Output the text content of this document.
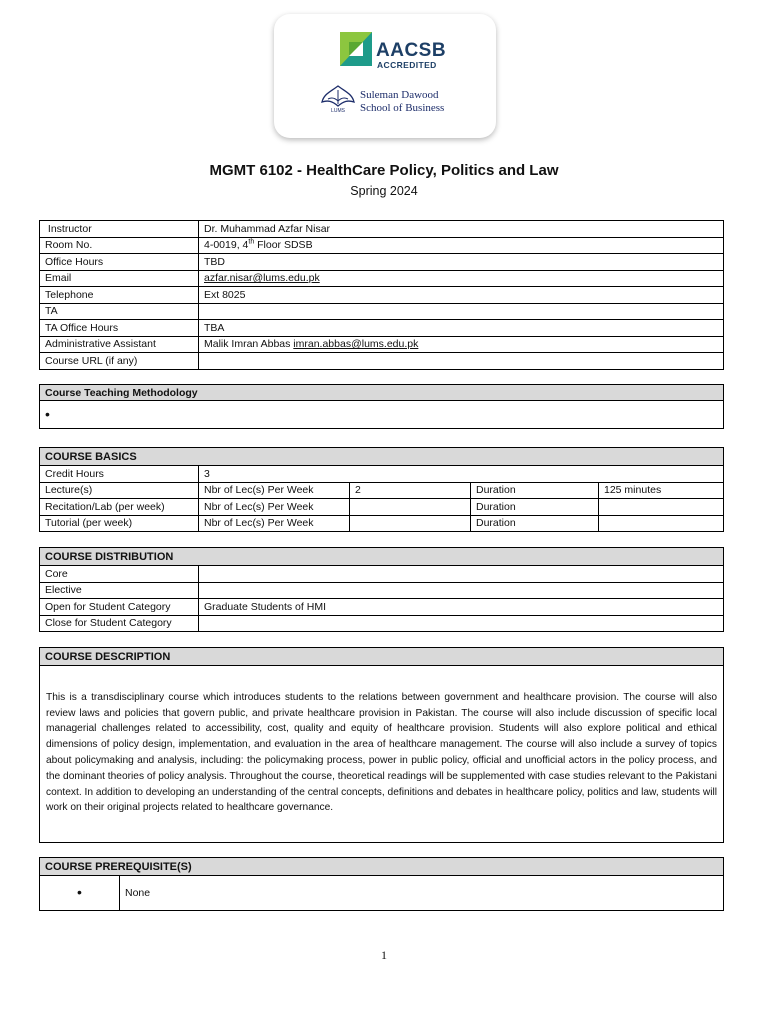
AACSB
ACCREDITED
LUMS
Suleman Dawood
School of Business
MGMT 6102 - HealthCare Policy, Politics and Law
Spring 2024
Instructor	Dr. Muhammad Azfar Nisar
Room No.	4-0019, 4th Floor SDSB
Office Hours	TBD
Email	azfar.nisar@lums.edu.pk
Telephone	Ext 8025
TA	
TA Office Hours	TBA
Administrative Assistant	Malik Imran Abbas imran.abbas@lums.edu.pk
Course URL (if any)	
Course Teaching Methodology
•
COURSE BASICS				
Credit Hours	3			
Lecture(s)	Nbr of Lec(s) Per Week	2	Duration	125 minutes
Recitation/Lab (per week)	Nbr of Lec(s) Per Week		Duration	
Tutorial (per week)	Nbr of Lec(s) Per Week		Duration	
COURSE DISTRIBUTION	
Core	
Elective	
Open for Student Category	Graduate Students of HMI
Close for Student Category	
COURSE DESCRIPTION
This is a transdisciplinary course which introduces students to the relations between government and healthcare provision. The course will also review laws and policies that govern public, and private healthcare provision in Pakistan. The course will also include discussion of specific local managerial challenges related to accessibility, cost, quality and equity of healthcare provision. Students will also explore political and ethical dimensions of policy design, implementation, and evaluation in the area of healthcare management. The course will also include a survey of topics about policymaking and analysis, including: the policymaking process, power in public policy, official and unofficial actors in the policy process, and the dominant theories of policy analysis. Throughout the course, theoretical readings will be supplemented with case studies relevant to the Pakistani context. In addition to developing an understanding of the central concepts, definitions and debates in healthcare policy, politics and law, students will work on their original projects related to healthcare governance.
COURSE PREREQUISITE(S)
•	None
1
